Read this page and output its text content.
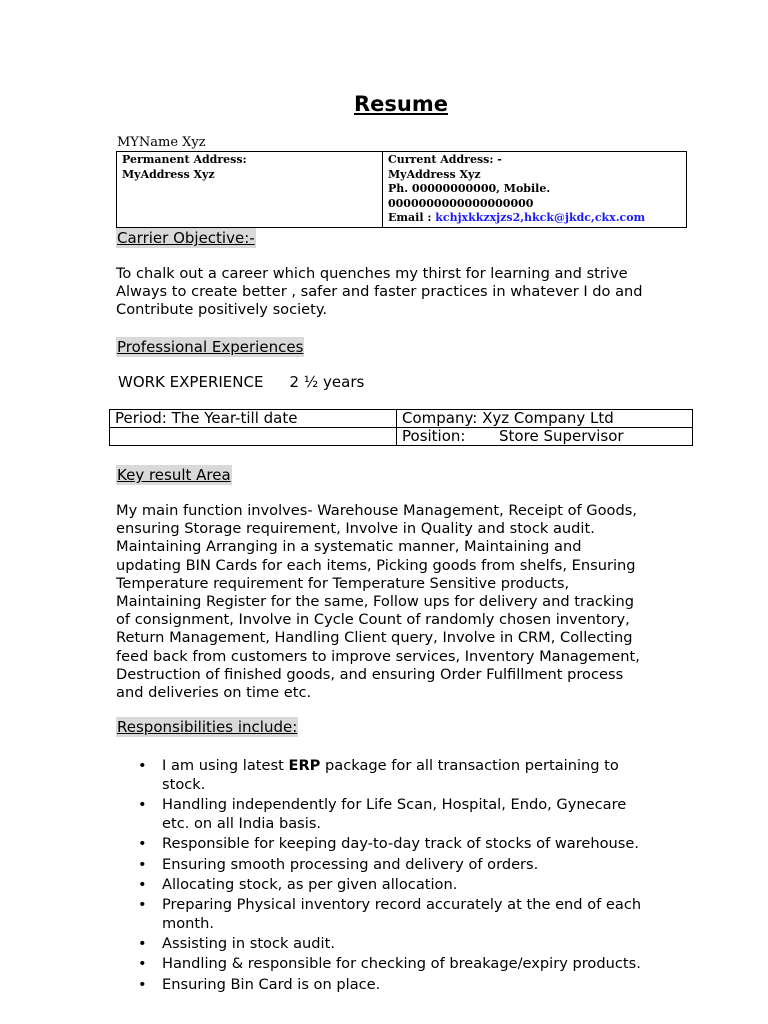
Resume
MYName Xyz
Permanent Address:
MyAddress Xyz

Current Address: -
MyAddress Xyz
Ph. 00000000000, Mobile. 0000000000000000000
Email : kchjxkkzxjzs2,hkck@jkdc,ckx.com
Carrier Objective:-
To chalk out a career which quenches my thirst for learning and strive
Always to create better , safer and faster practices in whatever I do and
Contribute positively society.
Professional Experiences
WORK EXPERIENCE 2 ½ years
Period: The Year-till date	Company: Xyz Company Ltd
	Position: Store Supervisor
Key result Area
My main function involves- Warehouse Management, Receipt of Goods,
ensuring Storage requirement, Involve in Quality and stock audit.
Maintaining Arranging in a systematic manner, Maintaining and
updating BIN Cards for each items, Picking goods from shelfs, Ensuring
Temperature requirement for Temperature Sensitive products,
Maintaining Register for the same, Follow ups for delivery and tracking
of consignment, Involve in Cycle Count of randomly chosen inventory,
Return Management, Handling Client query, Involve in CRM, Collecting
feed back from customers to improve services, Inventory Management,
Destruction of finished goods, and ensuring Order Fulfillment process
and deliveries on time etc.
Responsibilities include:
• I am using latest ERP package for all transaction pertaining to
stock.
• Handling independently for Life Scan, Hospital, Endo, Gynecare
etc. on all India basis.
• Responsible for keeping day-to-day track of stocks of warehouse.
• Ensuring smooth processing and delivery of orders.
• Allocating stock, as per given allocation.
• Preparing Physical inventory record accurately at the end of each
month.
• Assisting in stock audit.
• Handling & responsible for checking of breakage/expiry products.
• Ensuring Bin Card is on place.
